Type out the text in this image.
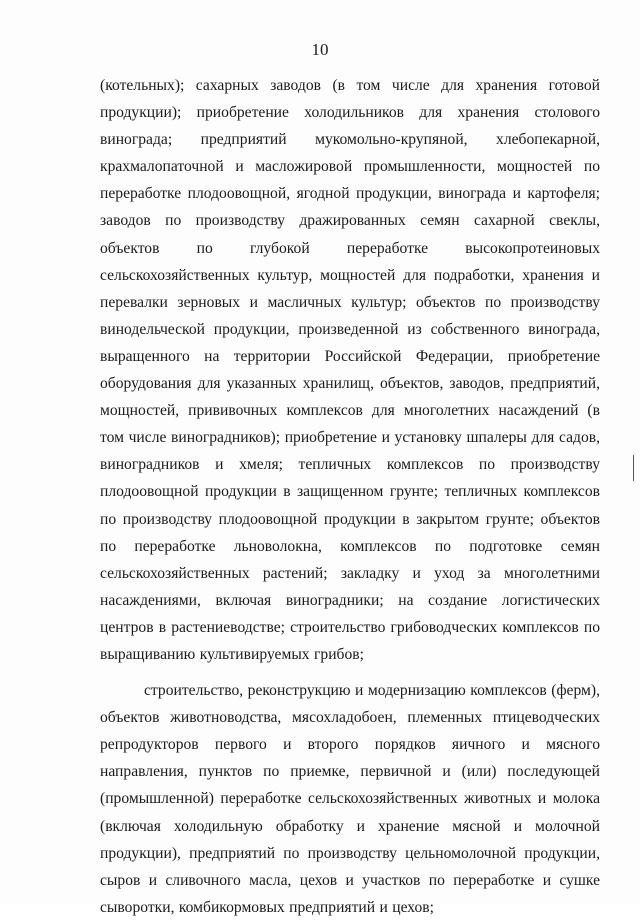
10

(котельных); сахарных заводов (в том числе для хранения готовой продукции); приобретение холодильников для хранения столового винограда; предприятий мукомольно-крупяной, хлебопекарной, крахмалопаточной и масложировой промышленности, мощностей по переработке плодоовощной, ягодной продукции, винограда и картофеля; заводов по производству дражированных семян сахарной свеклы, объектов по глубокой переработке высокопротеиновых сельскохозяйственных культур, мощностей для подработки, хранения и перевалки зерновых и масличных культур; объектов по производству винодельческой продукции, произведенной из собственного винограда, выращенного на территории Российской Федерации, приобретение оборудования для указанных хранилищ, объектов, заводов, предприятий, мощностей, прививочных комплексов для многолетних насаждений (в том числе виноградников); приобретение и установку шпалеры для садов, виноградников и хмеля; тепличных комплексов по производству плодоовощной продукции в защищенном грунте; тепличных комплексов по производству плодоовощной продукции в закрытом грунте; объектов по переработке льноволокна, комплексов по подготовке семян сельскохозяйственных растений; закладку и уход за многолетними насаждениями, включая виноградники; на создание логистических центров в растениеводстве; строительство грибоводческих комплексов по выращиванию культивируемых грибов;

строительство, реконструкцию и модернизацию комплексов (ферм), объектов животноводства, мясохладобоен, племенных птицеводческих репродукторов первого и второго порядков яичного и мясного направления, пунктов по приемке, первичной и (или) последующей (промышленной) переработке сельскохозяйственных животных и молока (включая холодильную обработку и хранение мясной и молочной продукции), предприятий по производству цельномолочной продукции, сыров и сливочного масла, цехов и участков по переработке и сушке сыворотки, комбикормовых предприятий и цехов;
